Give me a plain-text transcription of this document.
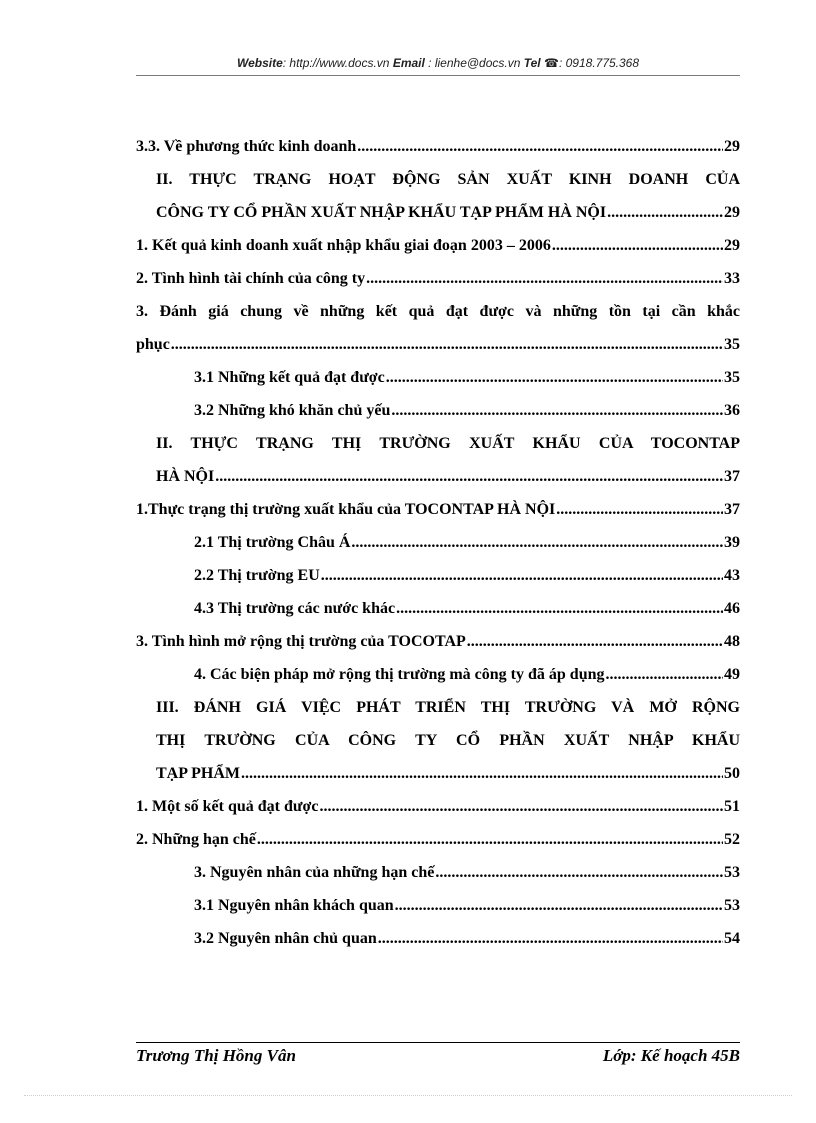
Website: http://www.docs.vn Email : lienhe@docs.vn Tel ☎: 0918.775.368
3.3. Về phương thức kinh doanh .....	29
II. THỰC TRẠNG HOẠT ĐỘNG SẢN XUẤT KINH DOANH CỦA
CÔNG TY CỔ PHẦN XUẤT NHẬP KHẨU TẠP PHẨM HÀ NỘI .....	29
1. Kết quả kinh doanh xuất nhập khẩu giai đoạn 2003 – 2006 .....	29
2. Tình hình tài chính của công ty .....	33
3. Đánh giá chung về những kết quả đạt được và những tồn tại cần khắc
phục .....	35
3.1 Những kết quả đạt được .....	35
3.2 Những khó khăn chủ yếu .....	36
II. THỰC TRẠNG THỊ TRƯỜNG XUẤT KHẨU CỦA TOCONTAP
HÀ NỘI .....	37
1.Thực trạng thị trường xuất khẩu của TOCONTAP HÀ NỘI .....	37
2.1 Thị trường Châu Á .....	39
2.2 Thị trường EU .....	43
4.3 Thị trường các nước khác .....	46
3. Tình hình mở rộng thị trường của TOCOTAP .....	48
4. Các biện pháp mở rộng thị trường mà công ty đã áp dụng .....	49
III. ĐÁNH GIÁ VIỆC PHÁT TRIỂN THỊ TRƯỜNG VÀ MỞ RỘNG
THỊ TRƯỜNG CỦA CÔNG TY CỔ PHẦN XUẤT NHẬP KHẨU
TẠP PHẨM .....	50
1. Một số kết quả đạt được .....	51
2. Những hạn chế .....	52
3. Nguyên nhân của những hạn chế .....	53
3.1 Nguyên nhân khách quan .....	53
3.2 Nguyên nhân chủ quan .....	54
Trương Thị Hồng Vân	Lớp: Kế hoạch 45B
